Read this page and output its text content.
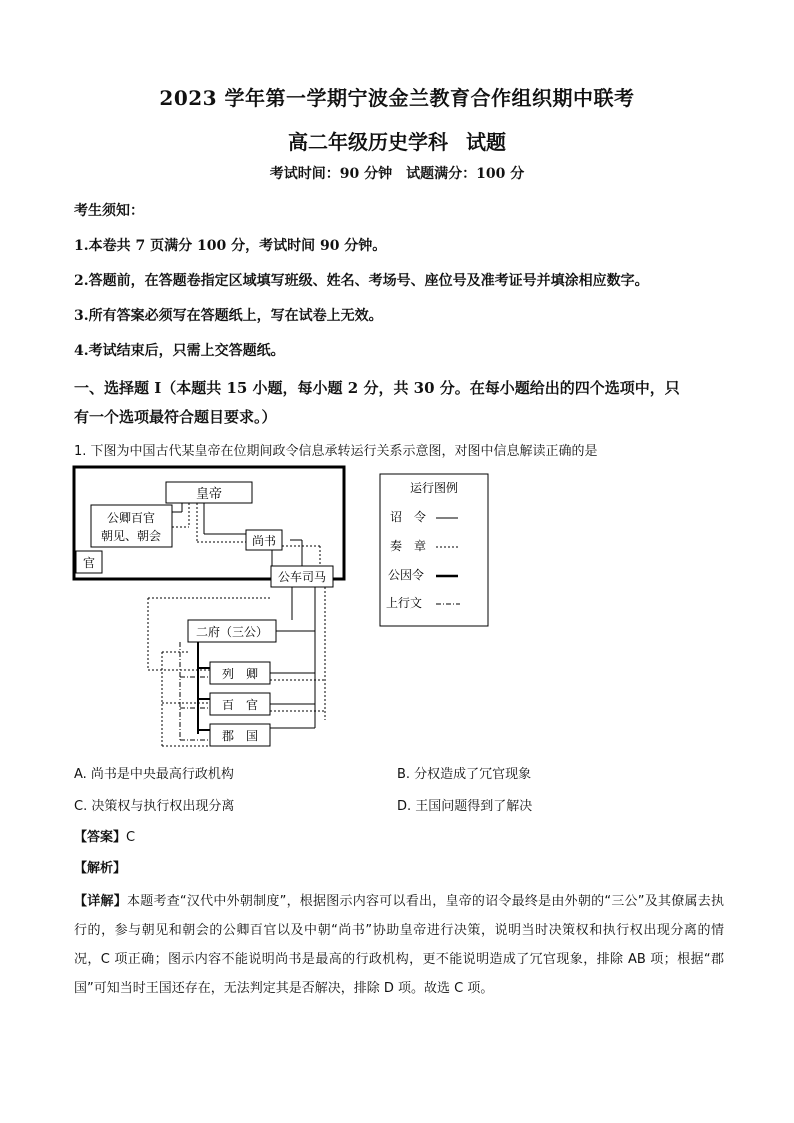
2023 学年第一学期宁波金兰教育合作组织期中联考
高二年级历史学科 试题
考试时间：90 分钟 试题满分：100 分
考生须知：
1.本卷共 7 页满分 100 分，考试时间 90 分钟。
2.答题前，在答题卷指定区域填写班级、姓名、考场号、座位号及准考证号并填涂相应数字。
3.所有答案必须写在答题纸上，写在试卷上无效。
4.考试结束后，只需上交答题纸。
一、选择题 I（本题共 15 小题，每小题 2 分，共 30 分。在每小题给出的四个选项中，只
有一个选项最符合题目要求。）
1. 下图为中国古代某皇帝在位期间政令信息承转运行关系示意图，对图中信息解读正确的是
皇帝
公卿百官
朝见、朝会
官
尚书
公车司马
二府（三公）
列　卿
百　官
郡　国
运行图例
诏　令
奏　章
公因令
上行文
A. 尚书是中央最高行政机构	B. 分权造成了冗官现象
C. 决策权与执行权出现分离	D. 王国问题得到了解决
【答案】C
【解析】
【详解】本题考查“汉代中外朝制度”，根据图示内容可以看出，皇帝的诏令最终是由外朝的“三公”及其僚属去执行的，参与朝见和朝会的公卿百官以及中朝“尚书”协助皇帝进行决策，说明当时决策权和执行权出现分离的情况，C 项正确；图示内容不能说明尚书是最高的行政机构，更不能说明造成了冗官现象，排除 AB 项；根据“郡国”可知当时王国还存在，无法判定其是否解决，排除 D 项。故选 C 项。
